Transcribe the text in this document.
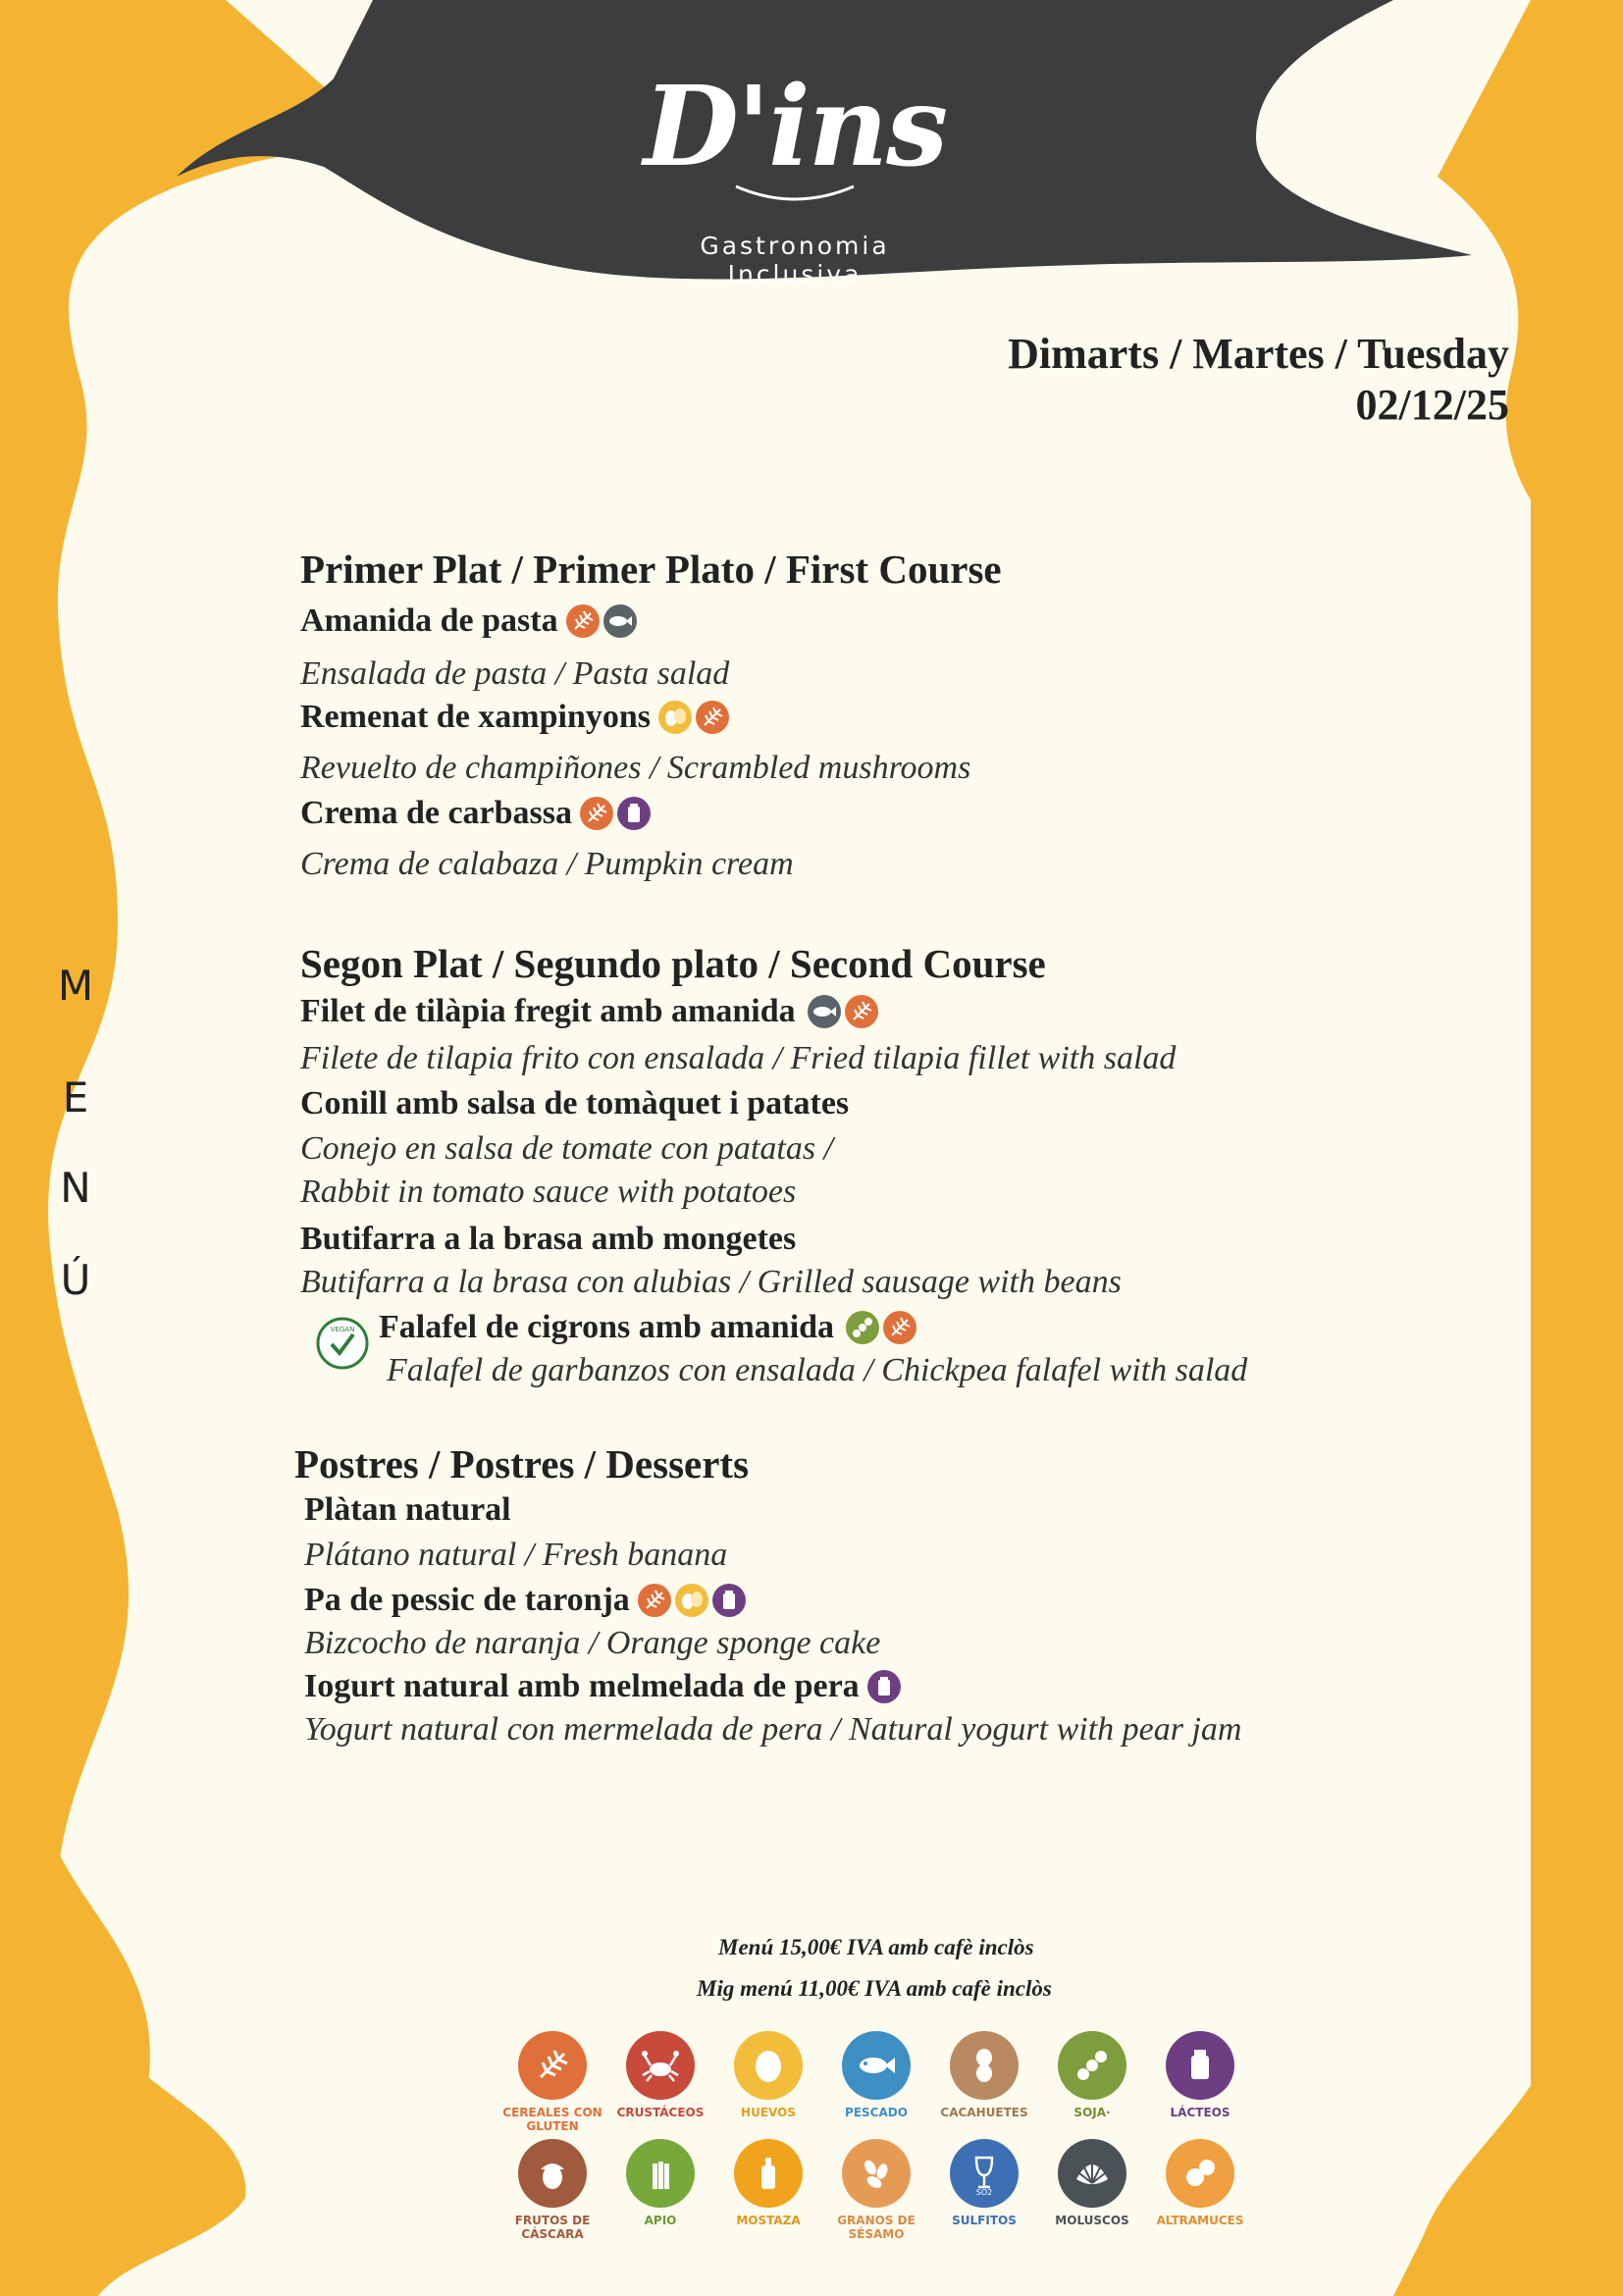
D'ins
Gastronomia Inclusiva
Dimarts / Martes / Tuesday
02/12/25
M
E
N
Ú
Primer Plat / Primer Plato / First Course
Amanida de pasta
Ensalada de pasta / Pasta salad
Remenat de xampinyons
Revuelto de champiñones / Scrambled mushrooms
Crema de carbassa
Crema de calabaza / Pumpkin cream
Segon Plat / Segundo plato / Second Course
Filet de tilàpia fregit amb amanida
Filete de tilapia frito con ensalada / Fried tilapia fillet with salad
Conill amb salsa de tomàquet i patates
Conejo en salsa de tomate con patatas /
Rabbit in tomato sauce with potatoes
Butifarra a la brasa amb mongetes
Butifarra a la brasa con alubias / Grilled sausage with beans
VEGAN Falafel de cigrons amb amanida
Falafel de garbanzos con ensalada / Chickpea falafel with salad
Postres / Postres / Desserts
Plàtan natural
Plátano natural / Fresh banana
Pa de pessic de taronja
Bizcocho de naranja / Orange sponge cake
Iogurt natural amb melmelada de pera
Yogurt natural con mermelada de pera / Natural yogurt with pear jam
Menú 15,00€ IVA amb cafè inclòs
Mig menú 11,00€ IVA amb cafè inclòs
CEREALES CON GLUTEN
CRUSTÁCEOS	HUEVOS	PESCADO	CACAHUETES	SOJA·	LÁCTEOS
FRUTOS DE CÁSCARA
APIO	MOSTAZA	GRANOS DE SÉSAMO
SO2
SULFITOS	MOLUSCOS	ALTRAMUCES
